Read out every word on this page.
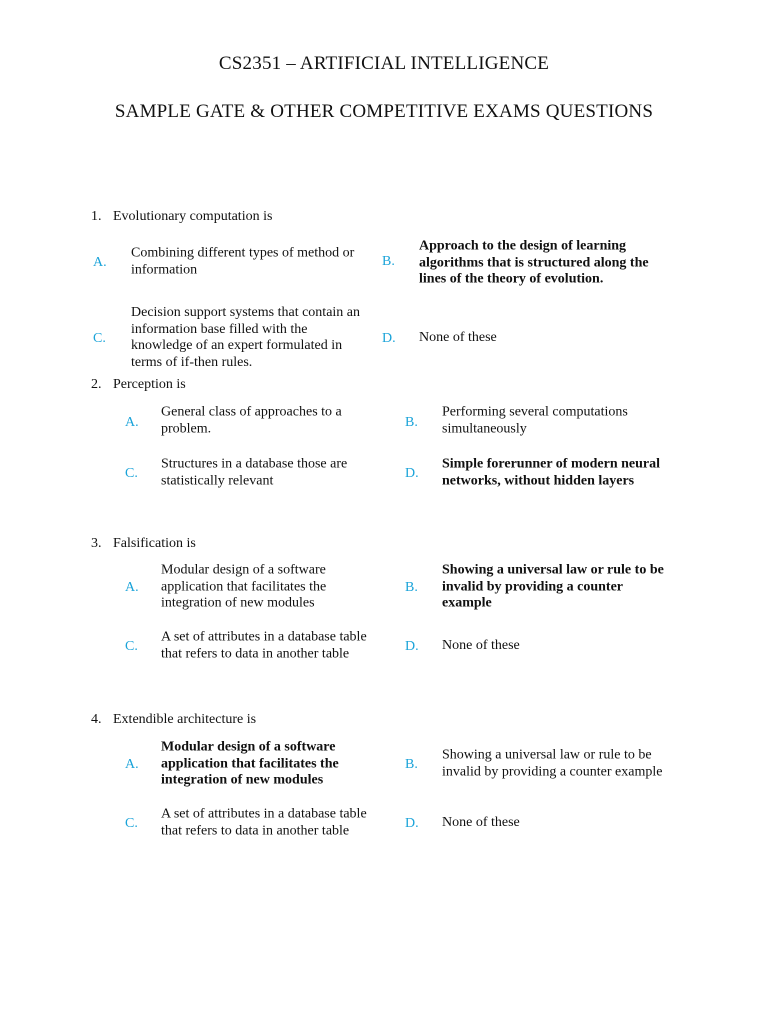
CS2351 – ARTIFICIAL INTELLIGENCE
SAMPLE GATE & OTHER COMPETITIVE EXAMS QUESTIONS
1. Evolutionary computation is
A.
Combining different types of method or information
B.
Approach to the design of learning algorithms that is structured along the lines of the theory of evolution.
C.
Decision support systems that contain an information base filled with the knowledge of an expert formulated in terms of if-then rules.
D. None of these
2. Perception is
A.
General class of approaches to a problem.	B.
Performing several computations simultaneously
C.
Structures in a database those are statistically relevant	D.
Simple forerunner of modern neural networks, without hidden layers
3. Falsification is
A.
Modular design of a software application that facilitates the integration of new modules
B.
Showing a universal law or rule to be invalid by providing a counter example
C.
A set of attributes in a database table that refers to data in another table	D. None of these
4. Extendible architecture is
A.
Modular design of a software application that facilitates the integration of new modules
B.
Showing a universal law or rule to be invalid by providing a counter example
C.
A set of attributes in a database table that refers to data in another table	D. None of these
